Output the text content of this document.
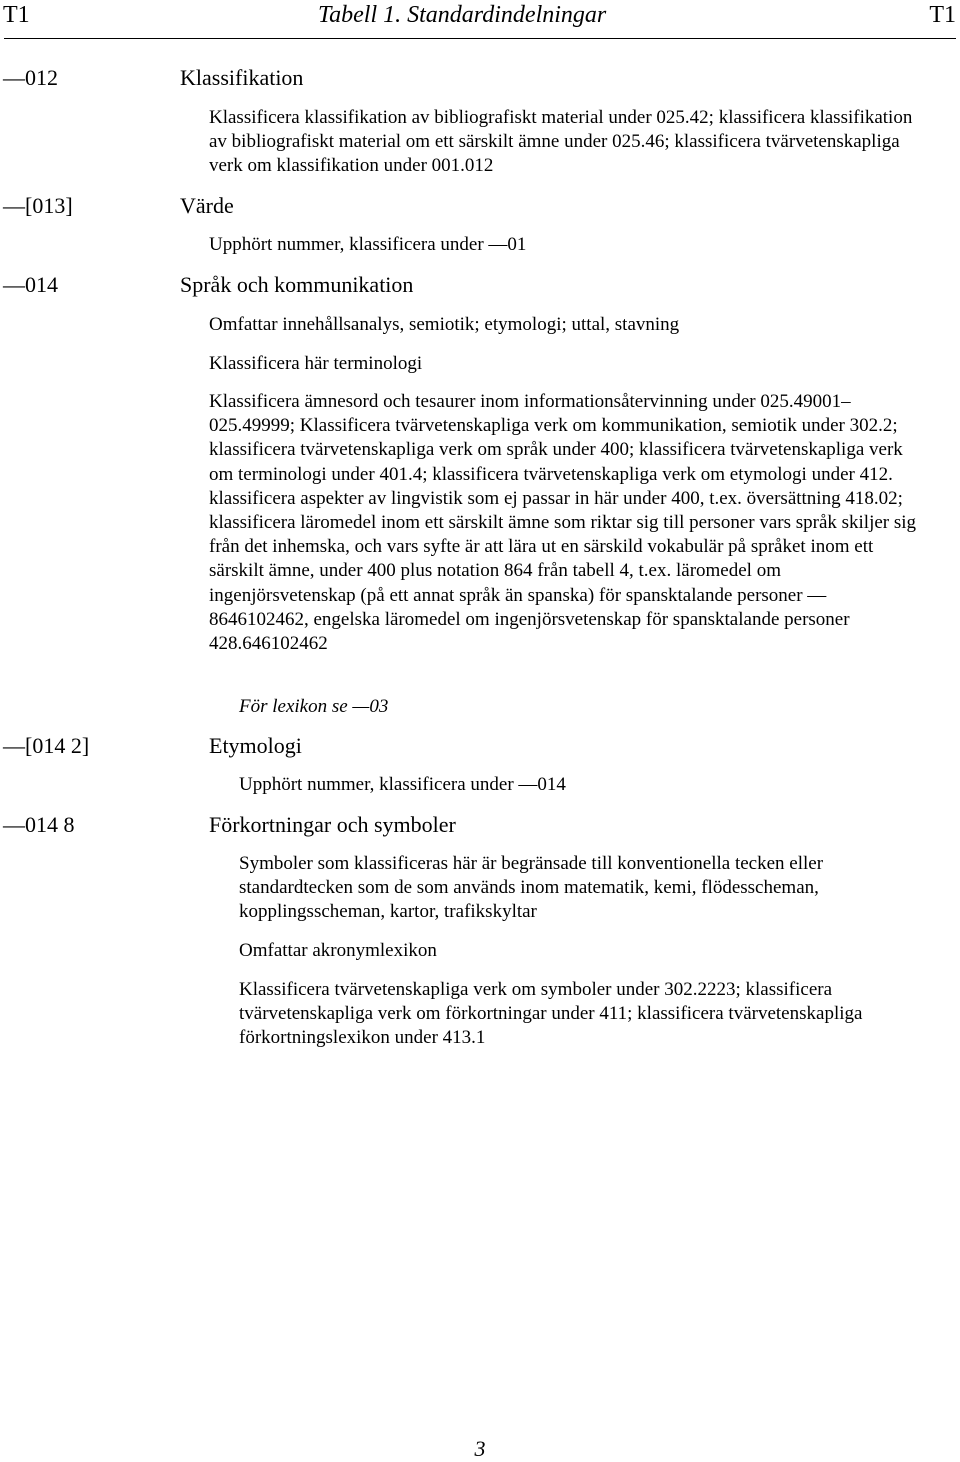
T1	Tabell 1. Standardindelningar	T1
—012	Klassifikation
Klassificera klassifikation av bibliografiskt material under 025.42; klassificera klassifikation av bibliografiskt material om ett särskilt ämne under 025.46; klassificera tvärvetenskapliga verk om klassifikation under 001.012
—[013]	Värde
Upphört nummer, klassificera under —01
—014	Språk och kommunikation
Omfattar innehållsanalys, semiotik; etymologi; uttal, stavning
Klassificera här terminologi
Klassificera ämnesord och tesaurer inom informationsåtervinning under 025.49001–025.49999; Klassificera tvärvetenskapliga verk om kommunikation, semiotik under 302.2; klassificera tvärvetenskapliga verk om språk under 400; klassificera tvärvetenskapliga verk om terminologi under 401.4; klassificera tvärvetenskapliga verk om etymologi under 412. klassificera aspekter av lingvistik som ej passar in här under 400, t.ex. översättning 418.02; klassificera läromedel inom ett särskilt ämne som riktar sig till personer vars språk skiljer sig från det inhemska, och vars syfte är att lära ut en särskild vokabulär på språket inom ett särskilt ämne, under 400 plus notation 864 från tabell 4, t.ex. läromedel om ingenjörsvetenskap (på ett annat språk än spanska) för spansktalande personer —8646102462, engelska läromedel om ingenjörsvetenskap för spansktalande personer 428.646102462
För lexikon se —03
—[014 2]	Etymologi
Upphört nummer, klassificera under —014
—014 8	Förkortningar och symboler
Symboler som klassificeras här är begränsade till konventionella tecken eller standardtecken som de som används inom matematik, kemi, flödesscheman, kopplingsscheman, kartor, trafikskyltar
Omfattar akronymlexikon
Klassificera tvärvetenskapliga verk om symboler under 302.2223; klassificera tvärvetenskapliga verk om förkortningar under 411; klassificera tvärvetenskapliga förkortningslexikon under 413.1
3
